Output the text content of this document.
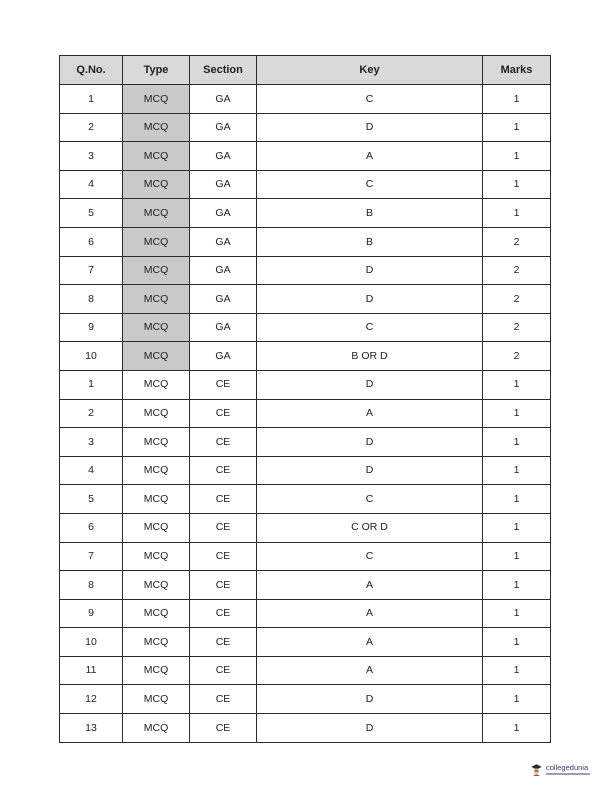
Q.No.	Type	Section	Key	Marks
1	MCQ	GA	C	1
2	MCQ	GA	D	1
3	MCQ	GA	A	1
4	MCQ	GA	C	1
5	MCQ	GA	B	1
6	MCQ	GA	B	2
7	MCQ	GA	D	2
8	MCQ	GA	D	2
9	MCQ	GA	C	2
10	MCQ	GA	B OR D	2
1	MCQ	CE	D	1
2	MCQ	CE	A	1
3	MCQ	CE	D	1
4	MCQ	CE	D	1
5	MCQ	CE	C	1
6	MCQ	CE	C OR D	1
7	MCQ	CE	C	1
8	MCQ	CE	A	1
9	MCQ	CE	A	1
10	MCQ	CE	A	1
11	MCQ	CE	A	1
12	MCQ	CE	D	1
13	MCQ	CE	D	1
collegedunia
